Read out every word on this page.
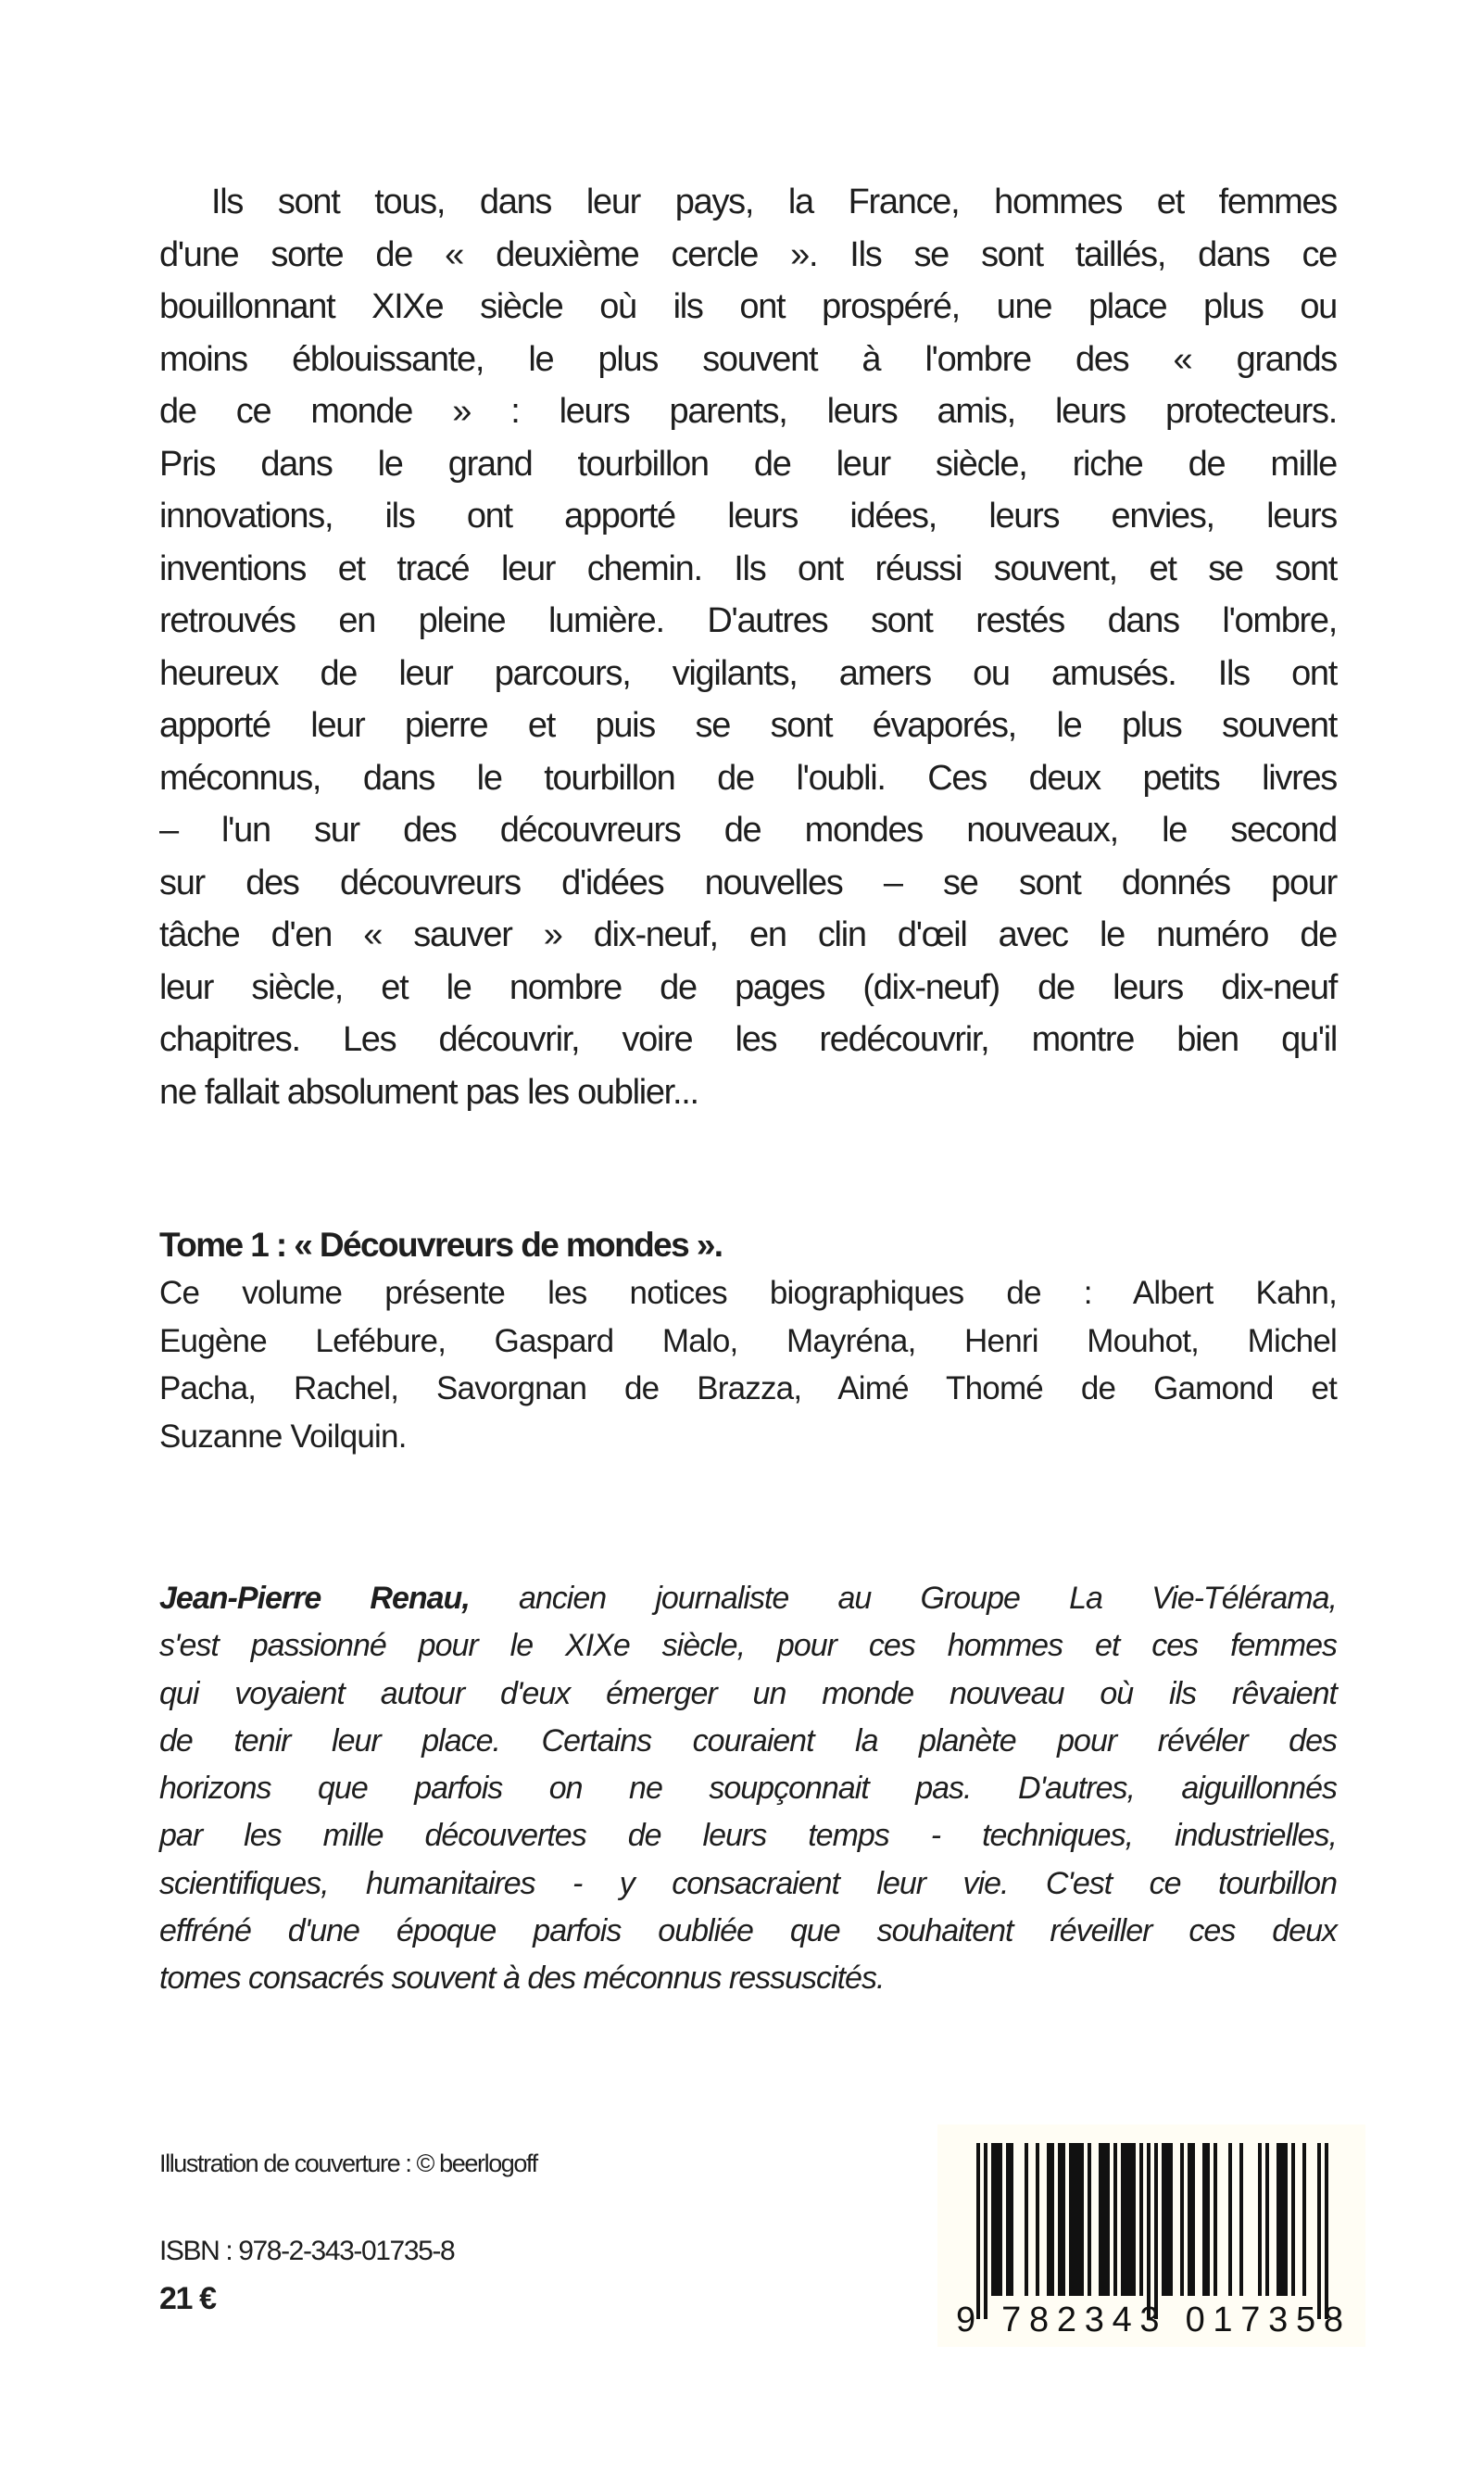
Ils sont tous, dans leur pays, la France, hommes et femmes
d'une sorte de « deuxième cercle ». Ils se sont taillés, dans ce
bouillonnant XIXe siècle où ils ont prospéré, une place plus ou
moins éblouissante, le plus souvent à l'ombre des « grands
de ce monde » : leurs parents, leurs amis, leurs protecteurs.
Pris dans le grand tourbillon de leur siècle, riche de mille
innovations, ils ont apporté leurs idées, leurs envies, leurs
inventions et tracé leur chemin. Ils ont réussi souvent, et se sont
retrouvés en pleine lumière. D'autres sont restés dans l'ombre,
heureux de leur parcours, vigilants, amers ou amusés. Ils ont
apporté leur pierre et puis se sont évaporés, le plus souvent
méconnus, dans le tourbillon de l'oubli. Ces deux petits livres
– l'un sur des découvreurs de mondes nouveaux, le second
sur des découvreurs d'idées nouvelles – se sont donnés pour
tâche d'en « sauver » dix-neuf, en clin d'œil avec le numéro de
leur siècle, et le nombre de pages (dix-neuf) de leurs dix-neuf
chapitres. Les découvrir, voire les redécouvrir, montre bien qu'il
ne fallait absolument pas les oublier...
Tome 1 : « Découvreurs de mondes ».
Ce volume présente les notices biographiques de : Albert Kahn,
Eugène Lefébure, Gaspard Malo, Mayréna, Henri Mouhot, Michel
Pacha, Rachel, Savorgnan de Brazza, Aimé Thomé de Gamond et
Suzanne Voilquin.
Jean-Pierre Renau, ancien journaliste au Groupe La Vie-Télérama,
s'est passionné pour le XIXe siècle, pour ces hommes et ces femmes
qui voyaient autour d'eux émerger un monde nouveau où ils rêvaient
de tenir leur place. Certains couraient la planète pour révéler des
horizons que parfois on ne soupçonnait pas. D'autres, aiguillonnés
par les mille découvertes de leurs temps - techniques, industrielles,
scientifiques, humanitaires - y consacraient leur vie. C'est ce tourbillon
effréné d'une époque parfois oubliée que souhaitent réveiller ces deux
tomes consacrés souvent à des méconnus ressuscités.
Illustration de couverture : © beerlogoff
ISBN : 978-2-343-01735-8
21 €
9 782343 017358
